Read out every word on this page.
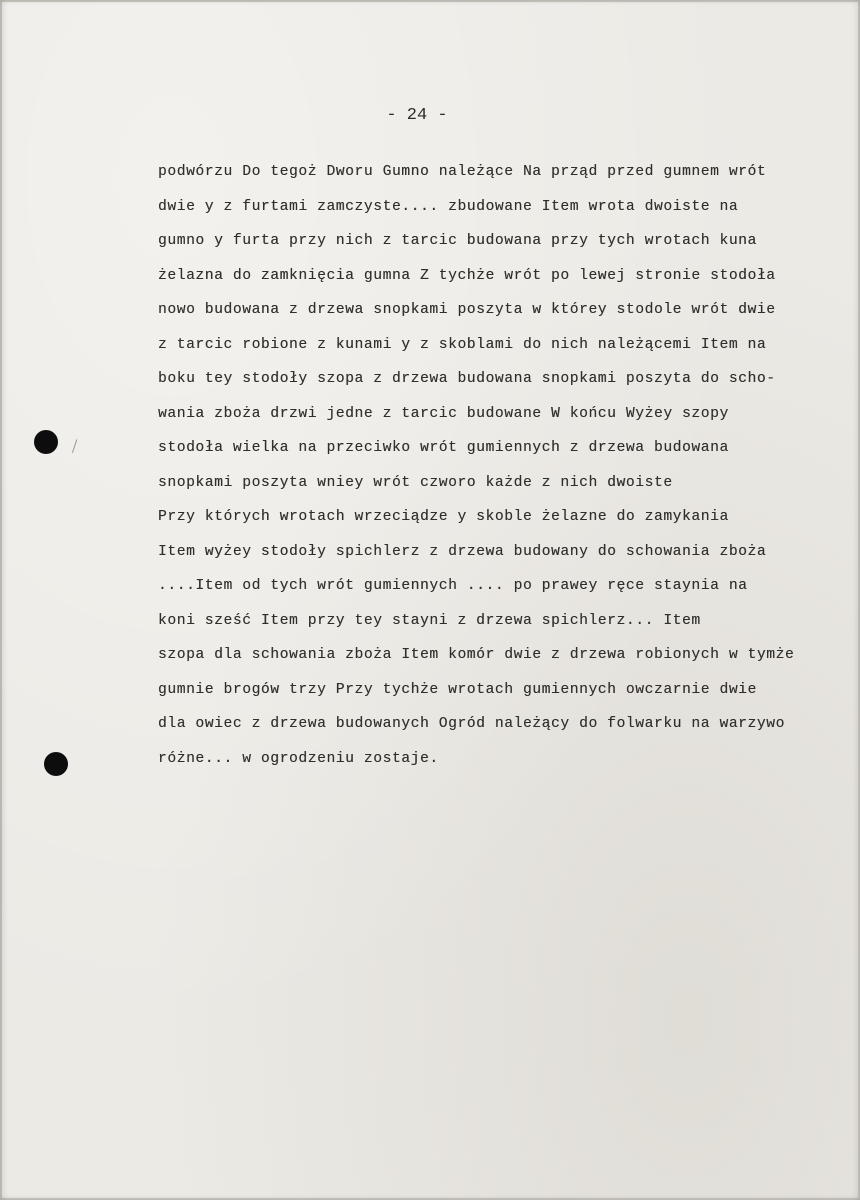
- 24 -
podwórzu Do tegoż Dworu Gumno należące Na prząd przed gumnem wrót
dwie y z furtami zamczyste.... zbudowane Item wrota dwoiste na
gumno y furta przy nich z tarcic budowana przy tych wrotach kuna
żelazna do zamknięcia gumna Z tychże wrót po lewej stronie stodoła
nowo budowana z drzewa snopkami poszyta w którey stodole wrót dwie
z tarcic robione z kunami y z skoblami do nich należącemi Item na
boku tey stodoły szopa z drzewa budowana snopkami poszyta do scho-
wania zboża drzwi jedne z tarcic budowane W końcu Wyżey szopy
stodoła wielka na przeciwko wrót gumiennych z drzewa budowana
snopkami poszyta wniey wrót czworo każde z nich dwoiste
Przy których wrotach wrzeciądze y skoble żelazne do zamykania
Item wyżey stodoły spichlerz z drzewa budowany do schowania zboża
....Item od tych wrót gumiennych .... po prawey ręce staynia na
koni sześć Item przy tey stayni z drzewa spichlerz... Item
szopa dla schowania zboża Item komór dwie z drzewa robionych w tymże
gumnie brogów trzy Przy tychże wrotach gumiennych owczarnie dwie
dla owiec z drzewa budowanych Ogród należący do folwarku na warzywo
różne... w ogrodzeniu zostaje.
